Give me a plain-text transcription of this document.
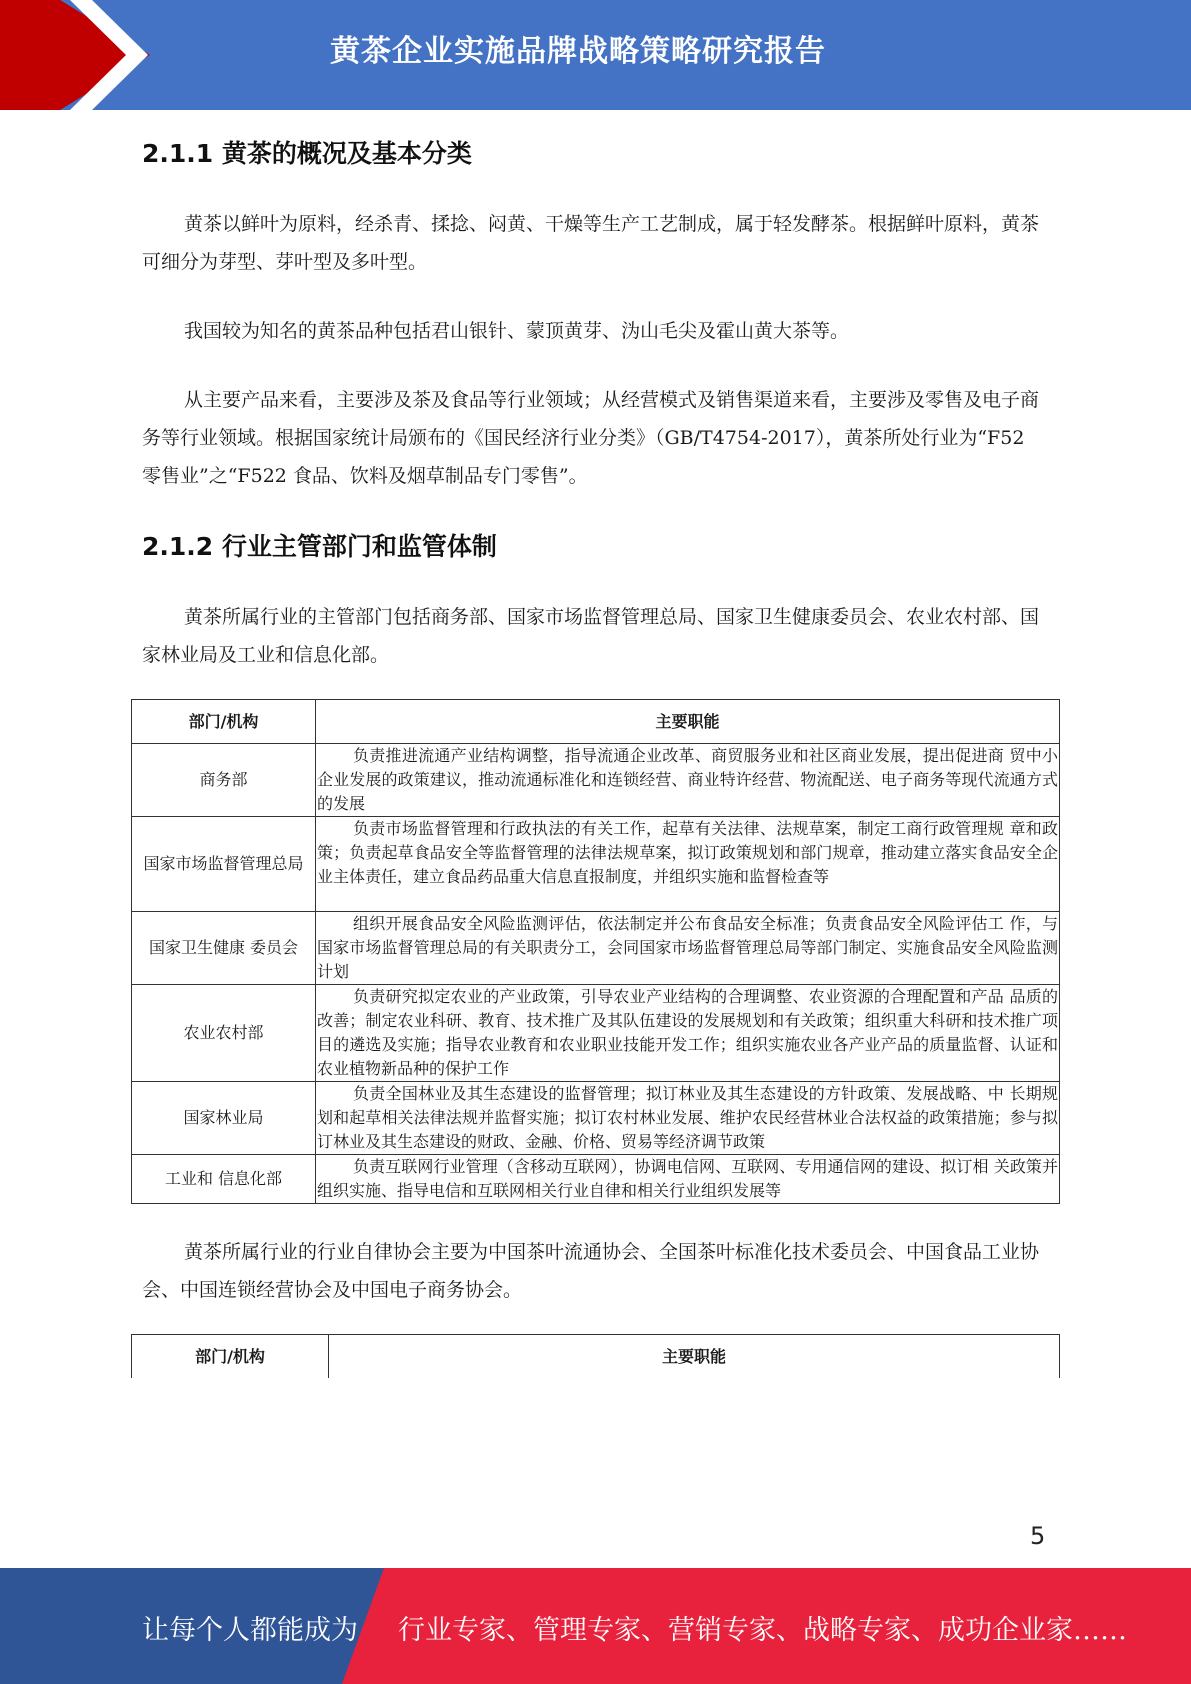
黄茶企业实施品牌战略策略研究报告
2.1.1 黄茶的概况及基本分类
黄茶以鲜叶为原料，经杀青、揉捻、闷黄、干燥等生产工艺制成，属于轻发酵茶。根据鲜叶原料，黄茶可细分为芽型、芽叶型及多叶型。
我国较为知名的黄茶品种包括君山银针、蒙顶黄芽、沩山毛尖及霍山黄大茶等。
从主要产品来看，主要涉及茶及食品等行业领域；从经营模式及销售渠道来看，主要涉及零售及电子商务等行业领域。根据国家统计局颁布的《国民经济行业分类》（GB/T4754-2017），黄茶所处行业为“F52 零售业”之“F522 食品、饮料及烟草制品专门零售”。
2.1.2 行业主管部门和监管体制
黄茶所属行业的主管部门包括商务部、国家市场监督管理总局、国家卫生健康委员会、农业农村部、国家林业局及工业和信息化部。
部门/机构	主要职能
商务部	负责推进流通产业结构调整，指导流通企业改革、商贸服务业和社区商业发展，提出促进商 贸中小企业发展的政策建议，推动流通标准化和连锁经营、商业特许经营、物流配送、电子商务等现代流通方式的发展
国家市场监督管理总局	负责市场监督管理和行政执法的有关工作，起草有关法律、法规草案，制定工商行政管理规 章和政策；负责起草食品安全等监督管理的法律法规草案，拟订政策规划和部门规章，推动建立落实食品安全企业主体责任，建立食品药品重大信息直报制度，并组织实施和监督检查等
国家卫生健康 委员会	组织开展食品安全风险监测评估，依法制定并公布食品安全标准；负责食品安全风险评估工 作，与国家市场监督管理总局的有关职责分工，会同国家市场监督管理总局等部门制定、实施食品安全风险监测计划
农业农村部	负责研究拟定农业的产业政策，引导农业产业结构的合理调整、农业资源的合理配置和产品 品质的改善；制定农业科研、教育、技术推广及其队伍建设的发展规划和有关政策；组织重大科研和技术推广项目的遴选及实施；指导农业教育和农业职业技能开发工作；组织实施农业各产业产品的质量监督、认证和农业植物新品种的保护工作
国家林业局	负责全国林业及其生态建设的监督管理；拟订林业及其生态建设的方针政策、发展战略、中 长期规划和起草相关法律法规并监督实施；拟订农村林业发展、维护农民经营林业合法权益的政策措施；参与拟订林业及其生态建设的财政、金融、价格、贸易等经济调节政策
工业和 信息化部	负责互联网行业管理（含移动互联网），协调电信网、互联网、专用通信网的建设、拟订相 关政策并组织实施、指导电信和互联网相关行业自律和相关行业组织发展等
黄茶所属行业的行业自律协会主要为中国茶叶流通协会、全国茶叶标准化技术委员会、中国食品工业协会、中国连锁经营协会及中国电子商务协会。
部门/机构	主要职能
5
让每个人都能成为 行业专家、管理专家、营销专家、战略专家、成功企业家……
